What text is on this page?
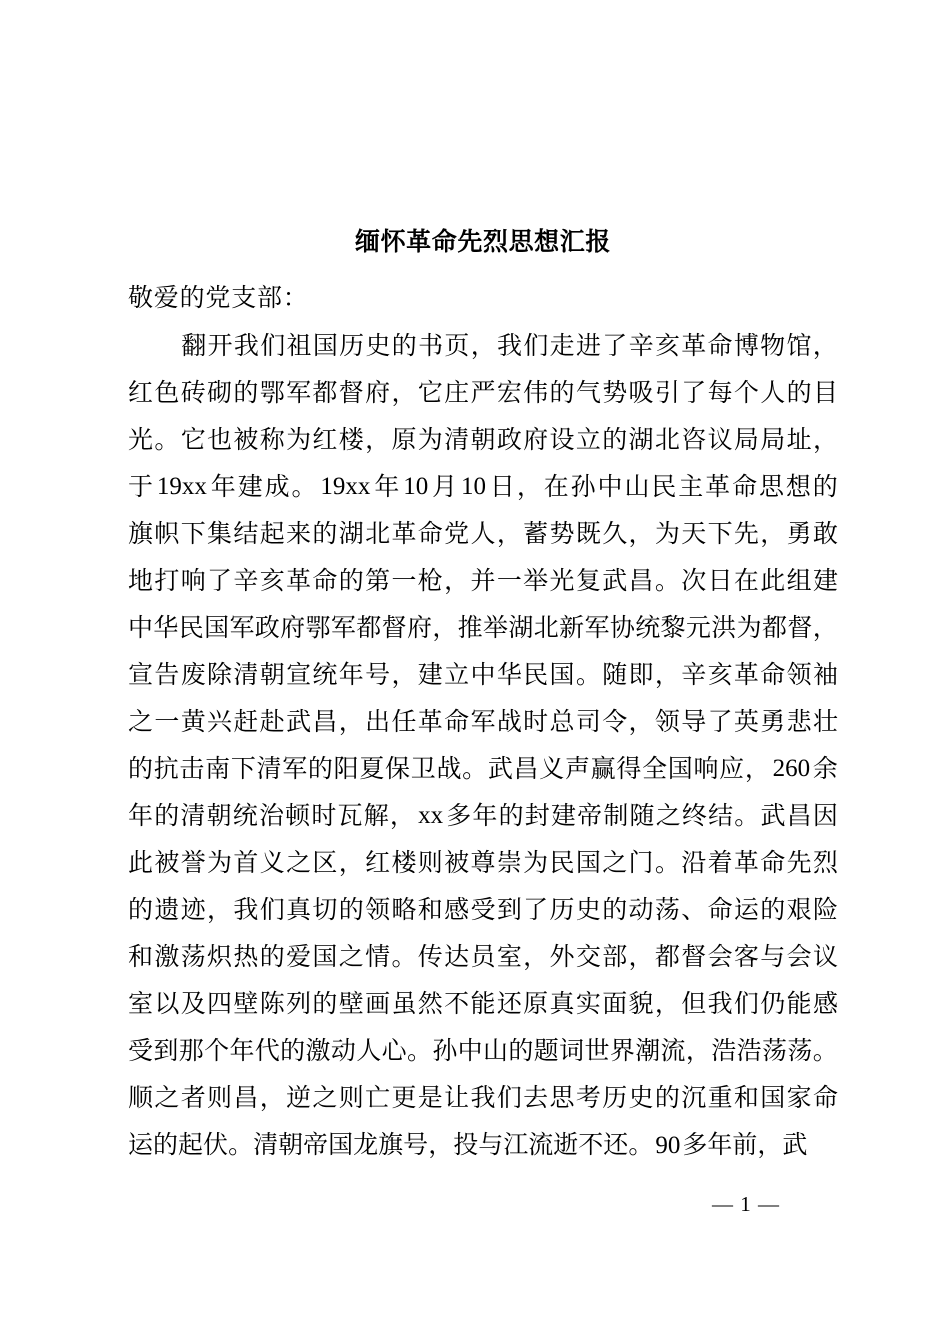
缅怀革命先烈思想汇报
敬爱的党支部：

翻 开 我 们 祖 国 历 史 的 书 页 ， 我 们 走 进 了 辛 亥 革 命 博 物 馆 ，
红 色 砖 砌 的 鄂 军 都 督 府 ， 它 庄 严 宏 伟 的 气 势 吸 引 了 每 个 人 的 目
光 。 它 也 被 称 为 红 楼 ， 原 为 清 朝 政 府 设 立 的 湖 北 咨 议 局 局 址 ，
于 19xx 年 建 成 。 19xx 年 10 月 10 日 ， 在 孙 中 山 民 主 革 命 思 想 的
旗 帜 下 集 结 起 来 的 湖 北 革 命 党 人 ， 蓄 势 既 久 ， 为 天 下 先 ， 勇 敢
地 打 响 了 辛 亥 革 命 的 第 一 枪 ， 并 一 举 光 复 武 昌 。 次 日 在 此 组 建
中 华 民 国 军 政 府 鄂 军 都 督 府 ， 推 举 湖 北 新 军 协 统 黎 元 洪 为 都 督 ，
宣 告 废 除 清 朝 宣 统 年 号 ， 建 立 中 华 民 国 。 随 即 ， 辛 亥 革 命 领 袖
之 一 黄 兴 赶 赴 武 昌 ， 出 任 革 命 军 战 时 总 司 令 ， 领 导 了 英 勇 悲 壮
的 抗 击 南 下 清 军 的 阳 夏 保 卫 战 。 武 昌 义 声 赢 得 全 国 响 应 ， 260 余
年 的 清 朝 统 治 顿 时 瓦 解 ， xx 多 年 的 封 建 帝 制 随 之 终 结 。 武 昌 因
此 被 誉 为 首 义 之 区 ， 红 楼 则 被 尊 崇 为 民 国 之 门 。 沿 着 革 命 先 烈
的 遗 迹 ， 我 们 真 切 的 领 略 和 感 受 到 了 历 史 的 动 荡 、 命 运 的 艰 险
和 激 荡 炽 热 的 爱 国 之 情 。 传 达 员 室 ， 外 交 部 ， 都 督 会 客 与 会 议
室 以 及 四 壁 陈 列 的 壁 画 虽 然 不 能 还 原 真 实 面 貌 ， 但 我 们 仍 能 感
受 到 那 个 年 代 的 激 动 人 心 。 孙 中 山 的 题 词 世 界 潮 流 ， 浩 浩 荡 荡 。
顺 之 者 则 昌 ， 逆 之 则 亡 更 是 让 我 们 去 思 考 历 史 的 沉 重 和 国 家 命
运的起伏。清朝帝国龙旗号，投与江流逝不还。90多年前，武
— 1 —
